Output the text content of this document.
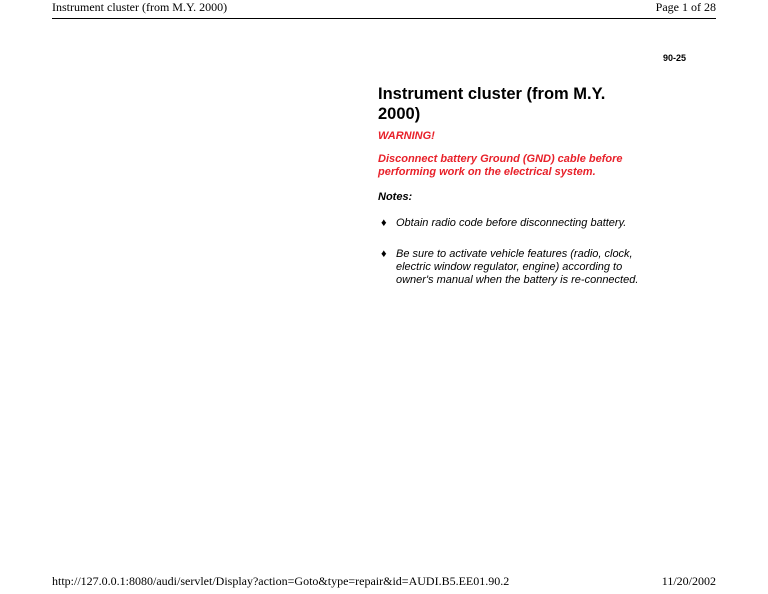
Instrument cluster (from M.Y. 2000)	Page 1 of 28
90-25
Instrument cluster (from M.Y. 2000)
WARNING!
Disconnect battery Ground (GND) cable before performing work on the electrical system.
Notes:
♦ Obtain radio code before disconnecting battery.
♦ Be sure to activate vehicle features (radio, clock, electric window regulator, engine) according to owner's manual when the battery is re-connected.
http://127.0.0.1:8080/audi/servlet/Display?action=Goto&type=repair&id=AUDI.B5.EE01.90.2	11/20/2002
